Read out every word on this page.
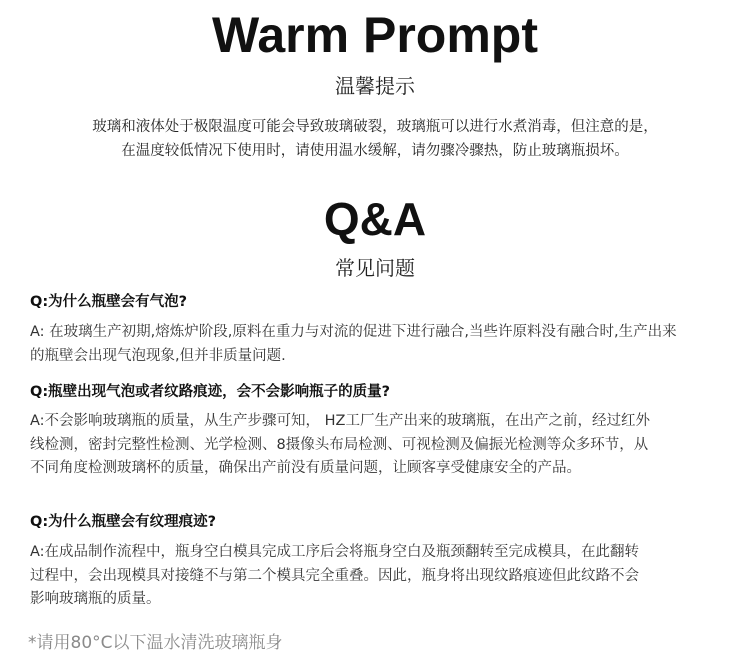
Warm Prompt
温馨提示
玻璃和液体处于极限温度可能会导致玻璃破裂，玻璃瓶可以进行水煮消毒，但注意的是，
在温度较低情况下使用时，请使用温水缓解，请勿骤冷骤热，防止玻璃瓶损坏。
Q&A
常见问题
Q:为什么瓶壁会有气泡?
A: 在玻璃生产初期,熔炼炉阶段,原料在重力与对流的促进下进行融合,当些许原料没有融合时,生产出来
的瓶壁会出现气泡现象,但并非质量问题.
Q:瓶壁出现气泡或者纹路痕迹，会不会影响瓶子的质量?
A:不会影响玻璃瓶的质量，从生产步骤可知， HZ工厂生产出来的玻璃瓶，在出产之前，经过红外
线检测，密封完整性检测、光学检测、8摄像头布局检测、可视检测及偏振光检测等众多环节，从
不同角度检测玻璃杯的质量，确保出产前没有质量问题，让顾客享受健康安全的产品。
Q:为什么瓶壁会有纹理痕迹?
A:在成品制作流程中，瓶身空白模具完成工序后会将瓶身空白及瓶颈翻转至完成模具，在此翻转
过程中，会出现模具对接缝不与第二个模具完全重叠。因此，瓶身将出现纹路痕迹但此纹路不会
影响玻璃瓶的质量。
*请用80°C以下温水清洗玻璃瓶身
